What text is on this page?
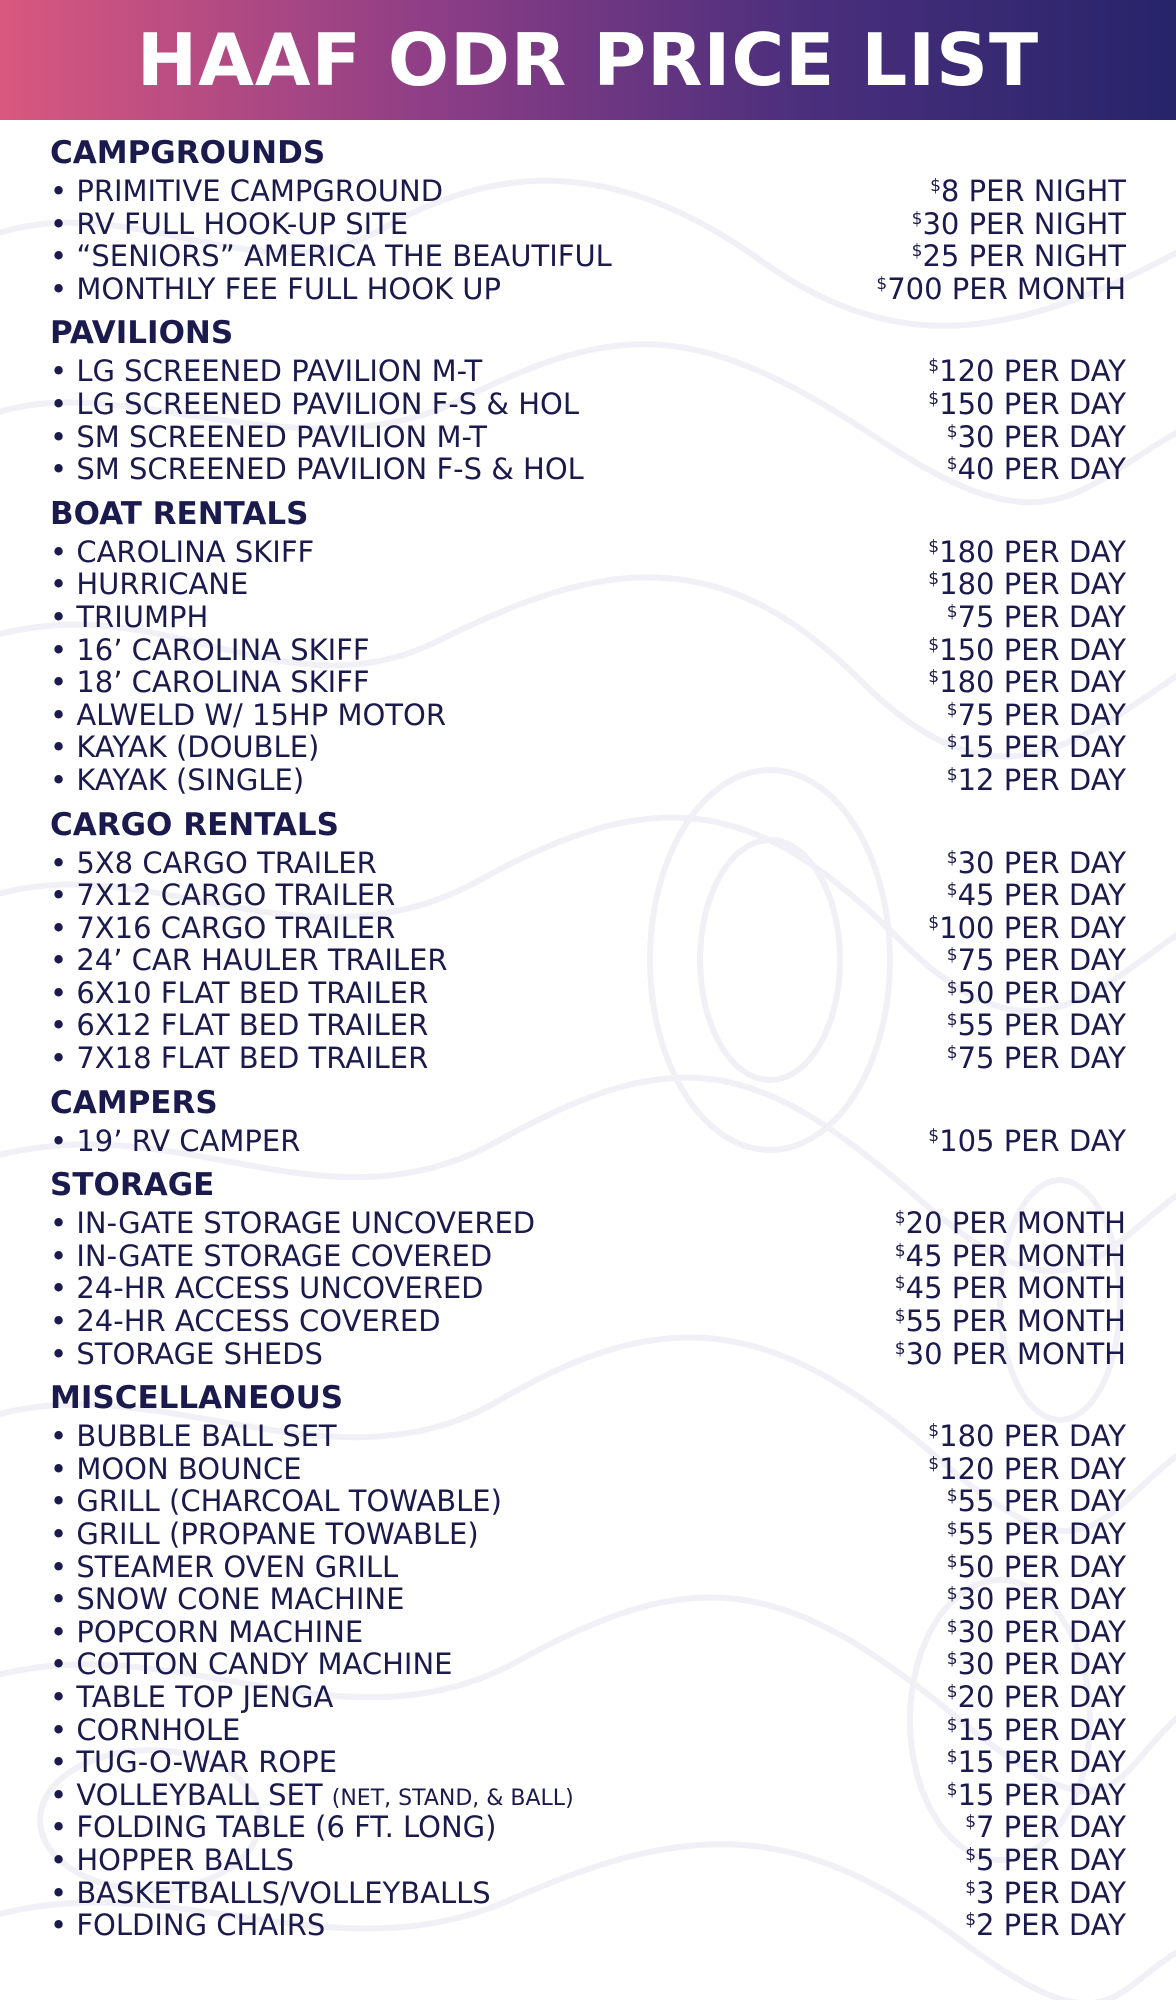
HAAF ODR PRICE LIST
CAMPGROUNDS
• PRIMITIVE CAMPGROUND	$8 PER NIGHT
• RV FULL HOOK-UP SITE	$30 PER NIGHT
• “SENIORS” AMERICA THE BEAUTIFUL	$25 PER NIGHT
• MONTHLY FEE FULL HOOK UP	$700 PER MONTH
PAVILIONS
• LG SCREENED PAVILION M-T	$120 PER DAY
• LG SCREENED PAVILION F-S & HOL	$150 PER DAY
• SM SCREENED PAVILION M-T	$30 PER DAY
• SM SCREENED PAVILION F-S & HOL	$40 PER DAY
BOAT RENTALS
• CAROLINA SKIFF	$180 PER DAY
• HURRICANE	$180 PER DAY
• TRIUMPH	$75 PER DAY
• 16’ CAROLINA SKIFF	$150 PER DAY
• 18’ CAROLINA SKIFF	$180 PER DAY
• ALWELD W/ 15HP MOTOR	$75 PER DAY
• KAYAK (DOUBLE)	$15 PER DAY
• KAYAK (SINGLE)	$12 PER DAY
CARGO RENTALS
• 5X8 CARGO TRAILER	$30 PER DAY
• 7X12 CARGO TRAILER	$45 PER DAY
• 7X16 CARGO TRAILER	$100 PER DAY
• 24’ CAR HAULER TRAILER	$75 PER DAY
• 6X10 FLAT BED TRAILER	$50 PER DAY
• 6X12 FLAT BED TRAILER	$55 PER DAY
• 7X18 FLAT BED TRAILER	$75 PER DAY
CAMPERS
• 19’ RV CAMPER	$105 PER DAY
STORAGE
• IN-GATE STORAGE UNCOVERED	$20 PER MONTH
• IN-GATE STORAGE COVERED	$45 PER MONTH
• 24-HR ACCESS UNCOVERED	$45 PER MONTH
• 24-HR ACCESS COVERED	$55 PER MONTH
• STORAGE SHEDS	$30 PER MONTH
MISCELLANEOUS
• BUBBLE BALL SET	$180 PER DAY
• MOON BOUNCE	$120 PER DAY
• GRILL (CHARCOAL TOWABLE)	$55 PER DAY
• GRILL (PROPANE TOWABLE)	$55 PER DAY
• STEAMER OVEN GRILL	$50 PER DAY
• SNOW CONE MACHINE	$30 PER DAY
• POPCORN MACHINE	$30 PER DAY
• COTTON CANDY MACHINE	$30 PER DAY
• TABLE TOP JENGA	$20 PER DAY
• CORNHOLE	$15 PER DAY
• TUG-O-WAR ROPE	$15 PER DAY
• VOLLEYBALL SET (NET, STAND, & BALL)	$15 PER DAY
• FOLDING TABLE (6 FT. LONG)	$7 PER DAY
• HOPPER BALLS	$5 PER DAY
• BASKETBALLS/VOLLEYBALLS	$3 PER DAY
• FOLDING CHAIRS	$2 PER DAY
